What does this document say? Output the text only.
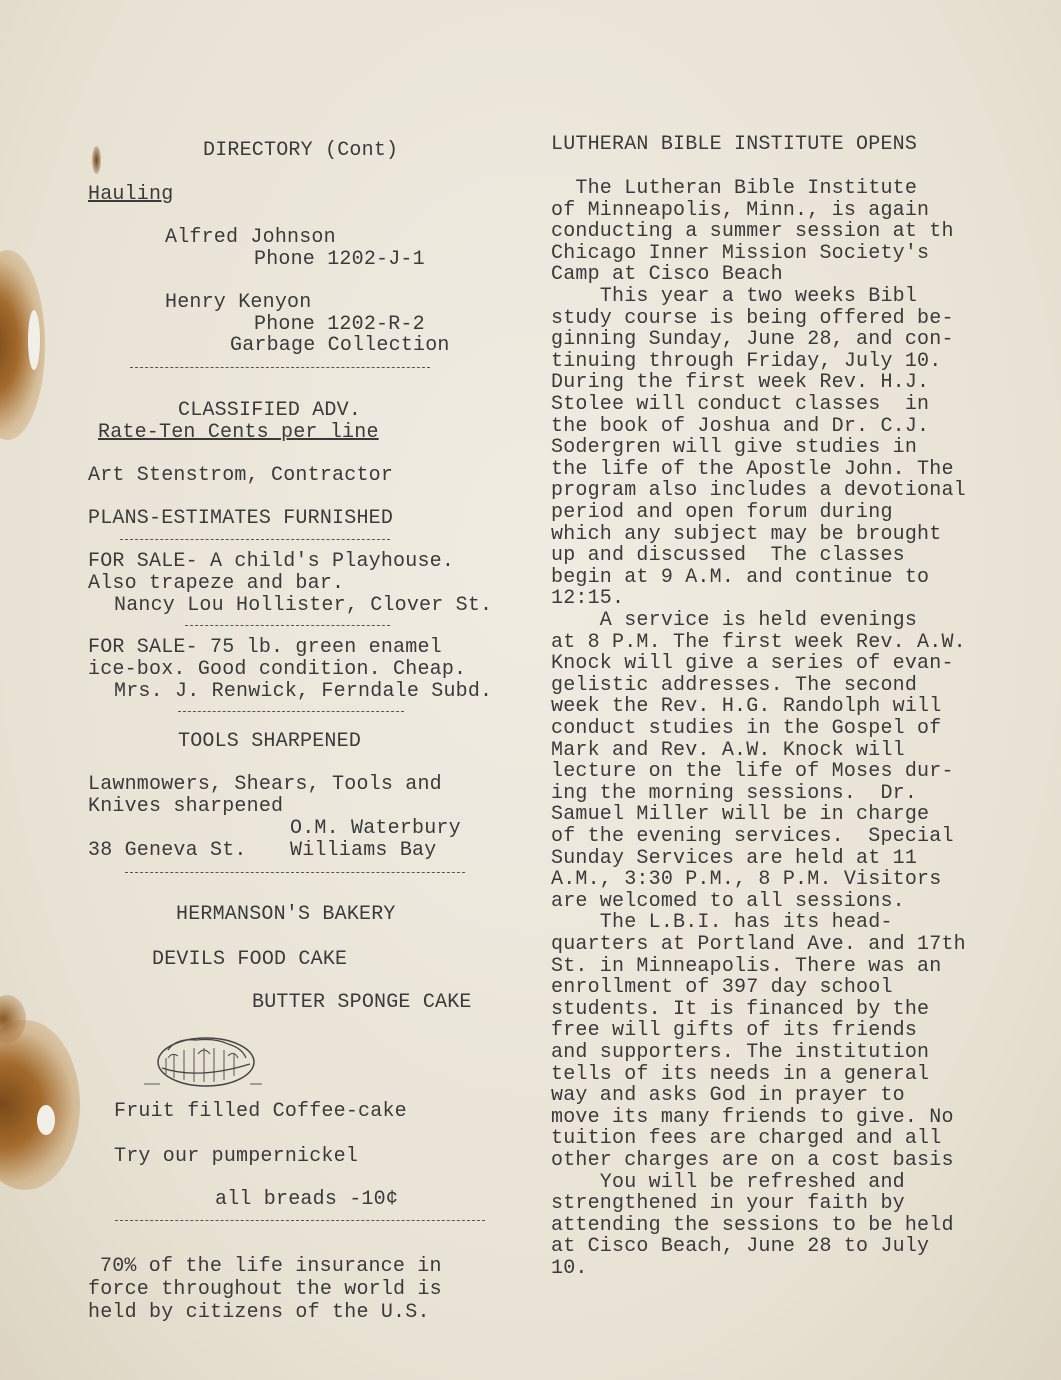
DIRECTORY (Cont)
Hauling
Alfred Johnson
Phone 1202-J-1
Henry Kenyon
Phone 1202-R-2
Garbage Collection
CLASSIFIED ADV.
Rate-Ten Cents per line
Art Stenstrom, Contractor
PLANS-ESTIMATES FURNISHED
FOR SALE- A child's Playhouse.
Also trapeze and bar.
Nancy Lou Hollister, Clover St.
FOR SALE- 75 lb. green enamel
ice-box. Good condition. Cheap.
Mrs. J. Renwick, Ferndale Subd.
TOOLS SHARPENED
Lawnmowers, Shears, Tools and
Knives sharpened
O.M. Waterbury
38 Geneva St. Williams Bay
HERMANSON'S BAKERY
DEVILS FOOD CAKE
BUTTER SPONGE CAKE
Fruit filled Coffee-cake
Try our pumpernickel
all breads -10¢
70% of the life insurance in
force throughout the world is
held by citizens of the U.S.
LUTHERAN BIBLE INSTITUTE OPENS
The Lutheran Bible Institute
of Minneapolis, Minn., is again
conducting a summer session at th
Chicago Inner Mission Society's
Camp at Cisco Beach
This year a two weeks Bibl
study course is being offered be-
ginning Sunday, June 28, and con-
tinuing through Friday, July 10.
During the first week Rev. H.J.
Stolee will conduct classes  in
the book of Joshua and Dr. C.J.
Sodergren will give studies in
the life of the Apostle John. The
program also includes a devotional
period and open forum during
which any subject may be brought
up and discussed  The classes
begin at 9 A.M. and continue to
12:15.
A service is held evenings
at 8 P.M. The first week Rev. A.W.
Knock will give a series of evan-
gelistic addresses. The second
week the Rev. H.G. Randolph will
conduct studies in the Gospel of
Mark and Rev. A.W. Knock will
lecture on the life of Moses dur-
ing the morning sessions.  Dr.
Samuel Miller will be in charge
of the evening services.  Special
Sunday Services are held at 11
A.M., 3:30 P.M., 8 P.M. Visitors
are welcomed to all sessions.
The L.B.I. has its head-
quarters at Portland Ave. and 17th
St. in Minneapolis. There was an
enrollment of 397 day school
students. It is financed by the
free will gifts of its friends
and supporters. The institution
tells of its needs in a general
way and asks God in prayer to
move its many friends to give. No
tuition fees are charged and all
other charges are on a cost basis
You will be refreshed and
strengthened in your faith by
attending the sessions to be held
at Cisco Beach, June 28 to July
10.
